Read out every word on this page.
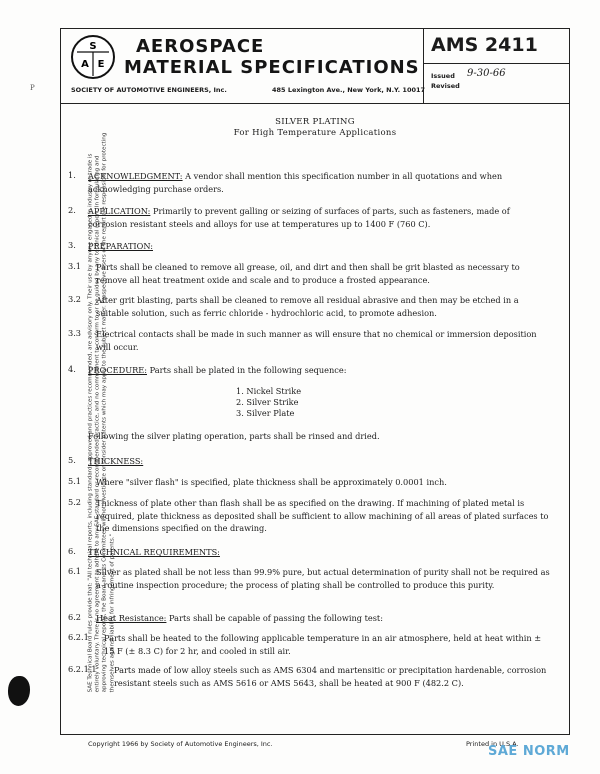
S
A E
AEROSPACE
MATERIAL SPECIFICATIONS
SOCIETY OF AUTOMOTIVE ENGINEERS, Inc.	485 Lexington Ave., New York, N.Y. 10017
AMS 2411
Issued 9-30-66
Revised
SILVER PLATING
For High Temperature Applications
1. ACKNOWLEDGMENT: A vendor shall mention this specification number in all quotations and when acknowledging purchase orders.
2. APPLICATION: Primarily to prevent galling or seizing of surfaces of parts, such as fasteners, made of corrosion resistant steels and alloys for use at temperatures up to 1400 F (760 C).
3. PREPARATION:
3.1 Parts shall be cleaned to remove all grease, oil, and dirt and then shall be grit blasted as necessary to remove all heat treatment oxide and scale and to produce a frosted appearance.
3.2 After grit blasting, parts shall be cleaned to remove all residual abrasive and then may be etched in a suitable solution, such as ferric chloride - hydrochloric acid, to promote adhesion.
3.3 Electrical contacts shall be made in such manner as will ensure that no chemical or immersion deposition will occur.
4. PROCEDURE: Parts shall be plated in the following sequence:
1. Nickel Strike
2. Silver Strike
3. Silver Plate
Following the silver plating operation, parts shall be rinsed and dried.
5. THICKNESS:
5.1 Where "silver flash" is specified, plate thickness shall be approximately 0.0001 inch.
5.2 Thickness of plate other than flash shall be as specified on the drawing. If machining of plated metal is required, plate thickness as deposited shall be sufficient to allow machining of all areas of plated surfaces to the dimensions specified on the drawing.
6. TECHNICAL REQUIREMENTS:
6.1 Silver as plated shall be not less than 99.9% pure, but actual determination of purity shall not be required as a routine inspection procedure; the process of plating shall be controlled to produce this purity.
6.2 Heat Resistance: Parts shall be capable of passing the following test:
6.2.1 Parts shall be heated to the following applicable temperature in an air atmosphere, held at heat within ± 15 F (± 8.3 C) for 2 hr, and cooled in still air.
6.2.1.1 Parts made of low alloy steels such as AMS 6304 and martensitic or precipitation hardenable, corrosion resistant steels such as AMS 5616 or AMS 5643, shall be heated at 900 F (482.2 C).
P
SAE Technical Board rules provide that: "All technical reports, including standards approved and practices recommended, are advisory only. Their use by anyone engaged in industry or trade is entirely voluntary. There is no agreement to adhere to any SAE standard or recommended practice, and no commitment to conform to or be guided by any technical report. In formulating and approving technical reports, the Board and its Committees will not investigate or consider patents which may apply to the subject matter. Prospective users of the report are responsible for protecting themselves against liability for infringement of patents."
Copyright 1966 by Society of Automotive Engineers, Inc.	Printed in U.S.A.
SAE NORM
